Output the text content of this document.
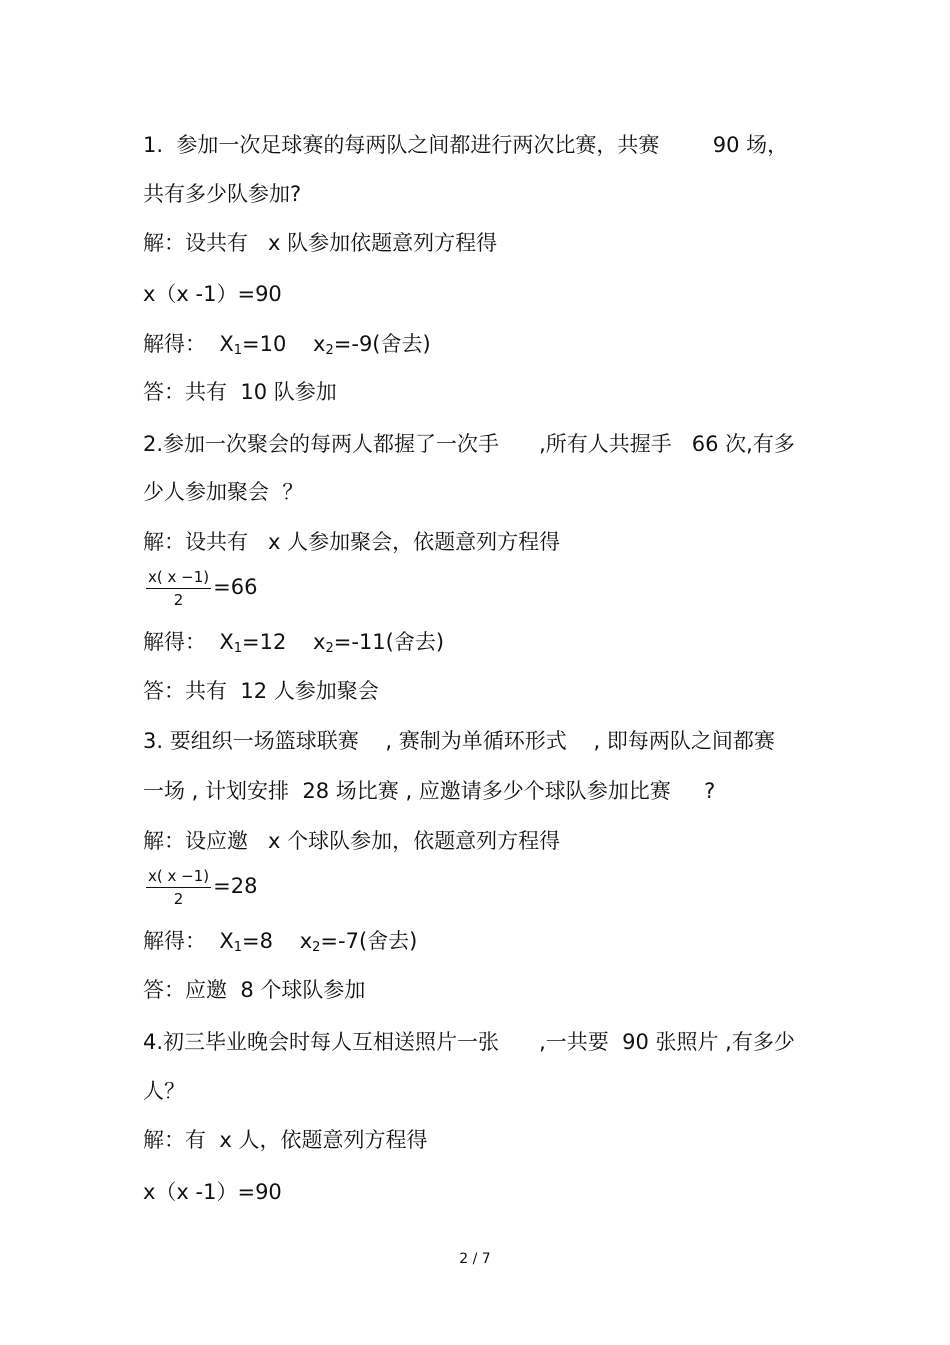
1.  参加一次足球赛的每两队之间都进行两次比赛，共赛        90 场，
共有多少队参加?
解：设共有   x 队参加依题意列方程得
x（x -1）=90
解得：  $X_1=10$    $x_2=-9$(舍去)
答：共有  10 队参加
2.参加一次聚会的每两人都握了一次手      ,所有人共握手   66 次,有多
少人参加聚会  ？
解：设共有   x 人参加聚会，依题意列方程得
$\frac{x( x -1)}{2} =66$
解得：  $X_1=12$    $x_2=-11$(舍去)
答：共有  12 人参加聚会
3. 要组织一场篮球联赛    , 赛制为单循环形式    , 即每两队之间都赛
一场 , 计划安排  28 场比赛 , 应邀请多少个球队参加比赛     ?
解：设应邀   x 个球队参加，依题意列方程得
$\frac{x( x -1)}{2} =28$
解得：  $X_1=8$    $x_2=-7$(舍去)
答：应邀  8 个球队参加
4.初三毕业晚会时每人互相送照片一张      ,一共要  90 张照片 ,有多少
人？
解：有  x 人，依题意列方程得
x（x -1）=90
2 / 7
